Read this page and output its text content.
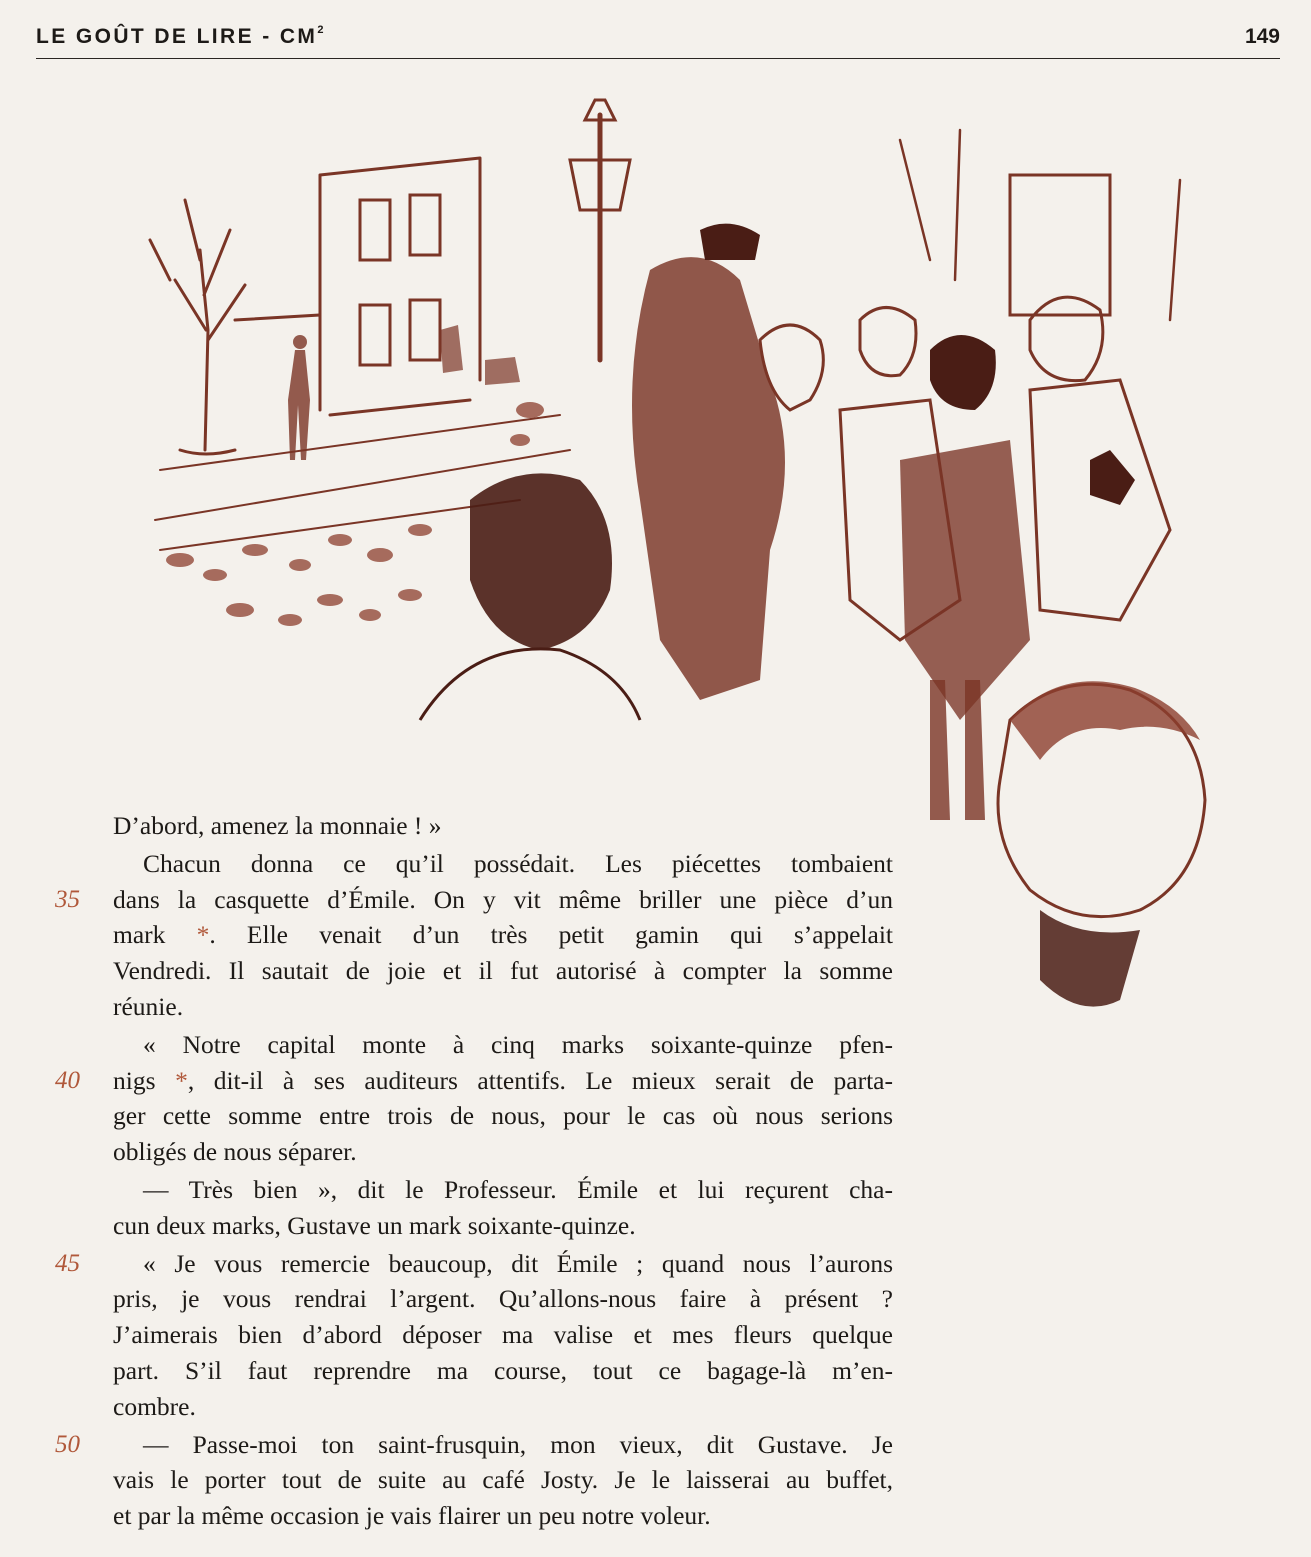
LE GOÛT DE LIRE - $CM^2$	149
D’abord, amenez la monnaie ! »
Chacun donna ce qu’il possédait. Les piécettes tombaient
35 dans la casquette d’Émile. On y vit même briller une pièce d’un
mark *. Elle venait d’un très petit gamin qui s’appelait
Vendredi. Il sautait de joie et il fut autorisé à compter la somme
réunie.
« Notre capital monte à cinq marks soixante-quinze pfen-
40 nigs *, dit-il à ses auditeurs attentifs. Le mieux serait de parta-
ger cette somme entre trois de nous, pour le cas où nous serions
obligés de nous séparer.
— Très bien », dit le Professeur. Émile et lui reçurent cha-
cun deux marks, Gustave un mark soixante-quinze.
45 « Je vous remercie beaucoup, dit Émile ; quand nous l’aurons
pris, je vous rendrai l’argent. Qu’allons-nous faire à présent ?
J’aimerais bien d’abord déposer ma valise et mes fleurs quelque
part. S’il faut reprendre ma course, tout ce bagage-là m’en-
combre.
50 — Passe-moi ton saint-frusquin, mon vieux, dit Gustave. Je
vais le porter tout de suite au café Josty. Je le laisserai au buffet,
et par la même occasion je vais flairer un peu notre voleur.
